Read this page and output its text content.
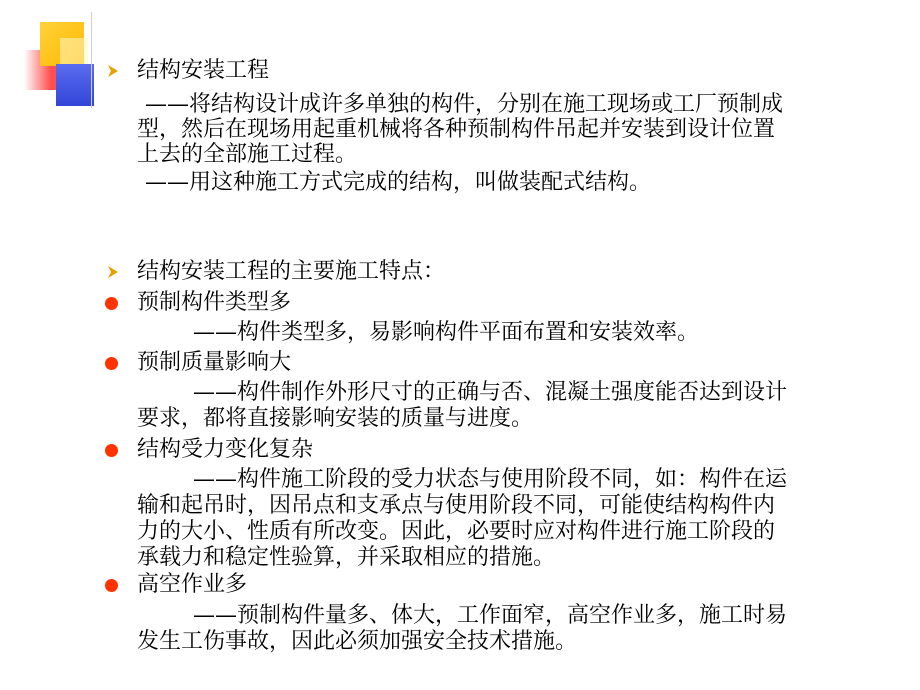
结构安装工程
——将结构设计成许多单独的构件，分别在施工现场或工厂预制成
型，然后在现场用起重机械将各种预制构件吊起并安装到设计位置
上去的全部施工过程。
——用这种施工方式完成的结构，叫做装配式结构。
结构安装工程的主要施工特点：
预制构件类型多
——构件类型多，易影响构件平面布置和安装效率。
预制质量影响大
——构件制作外形尺寸的正确与否、混凝土强度能否达到设计
要求，都将直接影响安装的质量与进度。
结构受力变化复杂
——构件施工阶段的受力状态与使用阶段不同，如：构件在运
输和起吊时，因吊点和支承点与使用阶段不同，可能使结构构件内
力的大小、性质有所改变。因此，必要时应对构件进行施工阶段的
承载力和稳定性验算，并采取相应的措施。
高空作业多
——预制构件量多、体大，工作面窄，高空作业多，施工时易
发生工伤事故，因此必须加强安全技术措施。
